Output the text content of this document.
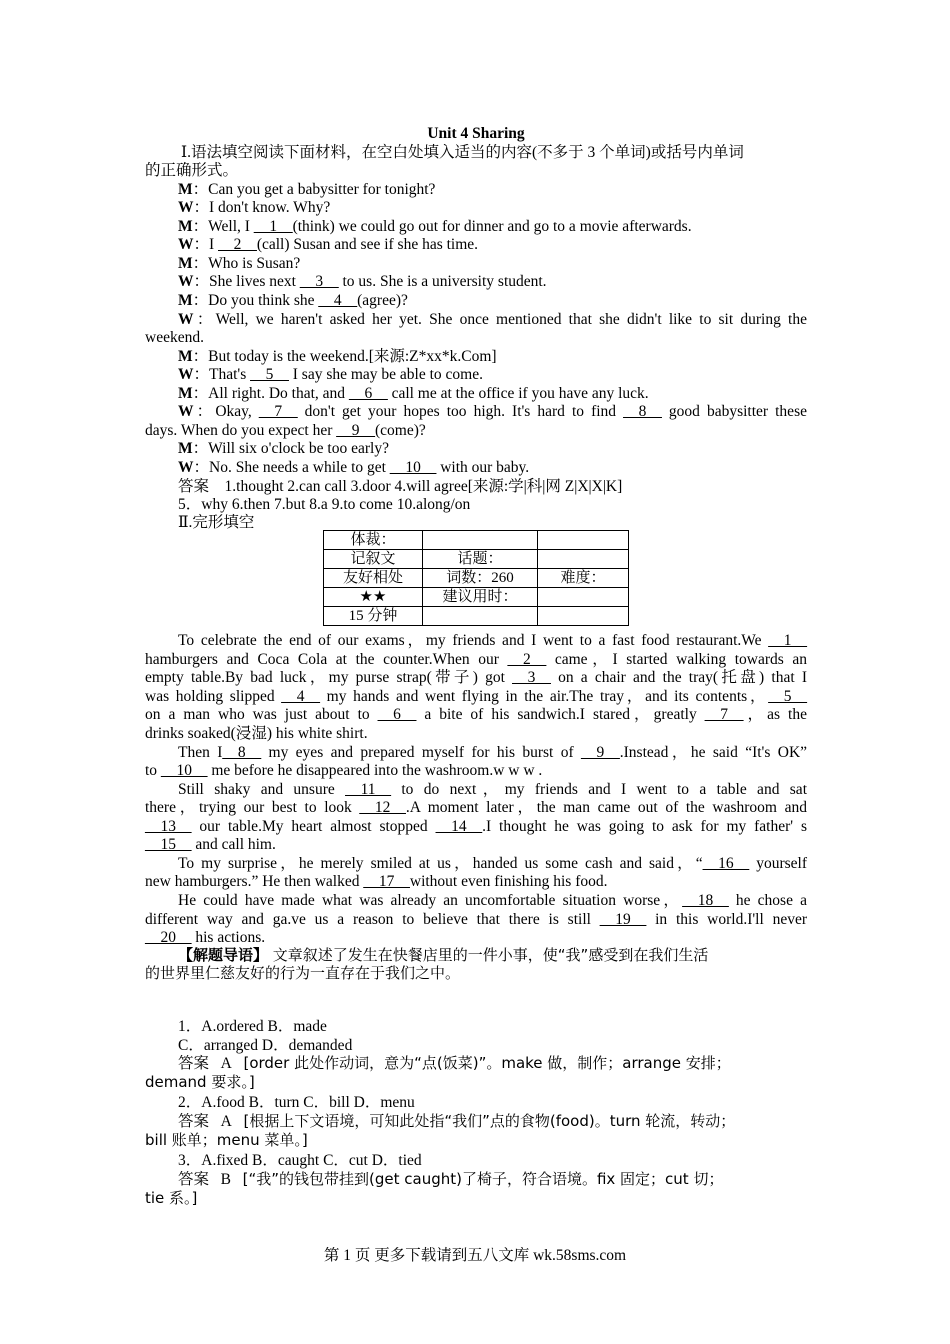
Unit 4 Sharing
Ⅰ.语法填空阅读下面材料，在空白处填入适当的内容(不多于 3 个单词)或括号内单词
的正确形式。
M：Can you get a babysitter for tonight?
W：I don't know. Why?
M：Well, I __1__(think) we could go out for dinner and go to a movie afterwards.
W：I __2__(call) Susan and see if she has time.
M：Who is Susan?
W：She lives next __3__ to us. She is a university student.
M：Do you think she __4__(agree)?
W：Well, we haren't asked her yet. She once mentioned that she didn't like to sit during the
weekend.
M：But today is the weekend.[来源:Z*xx*k.Com]
W：That's __5__ I say she may be able to come.
M：All right. Do that, and __6__ call me at the office if you have any luck.
W：Okay, __7__ don't get your hopes too high. It's hard to find __8__ good babysitter these
days. When do you expect her __9__(come)?
M：Will six o'clock be too early?
W：No. She needs a while to get __10__ with our baby.
答案 1.thought 2.can call 3.door 4.will agree[来源:学|科|网 Z|X|X|K]
5．why 6.then 7.but 8.a 9.to come 10.along/on
Ⅱ.完形填空
To celebrate the end of our exams，my friends and I went to a fast food restaurant.We __1__
hamburgers and Coca Cola at the counter.When our __2__ came，I started walking towards an
empty table.By bad luck，my purse strap(带子) got __3__ on a chair and the tray(托盘) that I
was holding slipped __4__ my hands and went flying in the air.The tray，and its contents，__5__
on a man who was just about to __6__ a bite of his sandwich.I stared，greatly __7__，as the
drinks soaked(浸湿) his white shirt.
Then I__8__ my eyes and prepared myself for his burst of __9__.Instead，he said “It's OK”
to __10__ me before he disappeared into the washroom.w w w .
Still shaky and unsure __11__ to do next，my friends and I went to a table and sat
there，trying our best to look __12__.A moment later，the man came out of the washroom and
__13__ our table.My heart almost stopped __14__.I thought he was going to ask for my father' s
__15__ and call him.
To my surprise，he merely smiled at us，handed us some cash and said，“__16__ yourself
new hamburgers.” He then walked __17__without even finishing his food.
He could have made what was already an uncomfortable situation worse，__18__ he chose a
different way and ga.ve us a reason to believe that there is still __19__ in this world.I'll never
__20__ his actions.
【解题导语】 文章叙述了发生在快餐店里的一件小事，使“我”感受到在我们生活
的世界里仁慈友好的行为一直存在于我们之中。
1．A.ordered B．made
C．arranged D．demanded
答案 A [order 此处作动词，意为“点(饭菜)”。make 做，制作；arrange 安排；
demand 要求。]
2．A.food B．turn C．bill D．menu
答案 A [根据上下文语境，可知此处指“我们”点的食物(food)。turn 轮流，转动；
bill 账单；menu 菜单。]
3．A.fixed B．caught C．cut D．tied
答案 B [“我”的钱包带挂到(get caught)了椅子，符合语境。fix 固定；cut 切；
tie 系。]
体裁：		
记叙文	话题：	
友好相处	词数：260	难度：
★★	建议用时：	
15 分钟		
第 1 页 更多下载请到五八文库 wk.58sms.com
